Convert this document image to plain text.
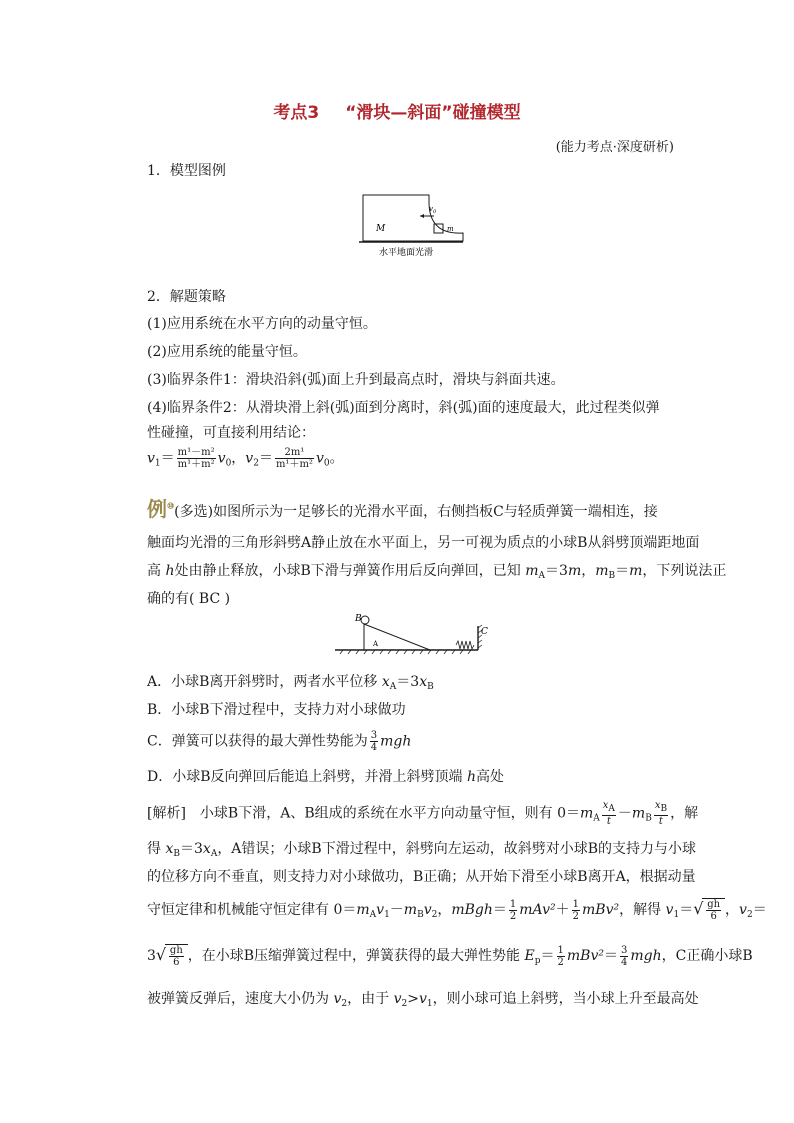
考点3 “滑块—斜面”碰撞模型
(能力考点·深度研析)
1．模型图例
$v_0$
M	m
水平地面光滑
2．解题策略
(1)应用系统在水平方向的动量守恒。
(2)应用系统的能量守恒。
(3)临界条件1：滑块沿斜(弧)面上升到最高点时，滑块与斜面共速。
(4)临界条件2：从滑块滑上斜(弧)面到分离时，斜(弧)面的速度最大，此过程类似弹
性碰撞，可直接利用结论：
$v_1= \frac{\text{m¹－m²}}{\text{m¹＋m²}} v_0$，$v_2= \frac{\text{2m¹}}{\text{m¹＋m²}} v_0$。
例⑩(多选)如图所示为一足够长的光滑水平面，右侧挡板C与轻质弹簧一端相连，接
触面均光滑的三角形斜劈A静止放在水平面上，另一可视为质点的小球B从斜劈顶端距地面
高 h处由静止释放，小球B下滑与弹簧作用后反向弹回，已知 $m_A=3m$，$m_B=m$，下列说法正
确的有( BC )
B
A
C
A．小球B离开斜劈时，两者水平位移 $x_A=3x_B$
B．小球B下滑过程中，支持力对小球做功
C．弹簧可以获得的最大弹性势能为 $\frac{3}{4}$ mgh
D．小球B反向弹回后能追上斜劈，并滑上斜劈顶端 h高处
[解析]　小球B下滑，A、B组成的系统在水平方向动量守恒，则有 $0=m_A \frac{x_A}{t} -m_B \frac{x_B}{t}$ ，解
得 $x_B=3x_A$，A错误；小球B下滑过程中，斜劈向左运动，故斜劈对小球B的支持力与小球
的位移方向不垂直，则支持力对小球做功，B正确；从开始下滑至小球B离开A，根据动量
守恒定律和机械能守恒定律有 $0=m_Av_1-m_Bv_2$，mBgh＝ $\frac{1}{2} mAv^2+ \frac{1}{2} mBv^2$，解得 $v_1=$ √ $\frac{gh}{6}$ ，$v_2=$
3 √ $\frac{gh}{6}$ ，在小球B压缩弹簧过程中，弹簧获得的最大弹性势能 $E_p= \frac{1}{2} mBv^2= \frac{3}{4}$ mgh，C正确小球B
被弹簧反弹后，速度大小仍为 $v_2$，由于 $v_2>v_1$，则小球可追上斜劈，当小球上升至最高处
